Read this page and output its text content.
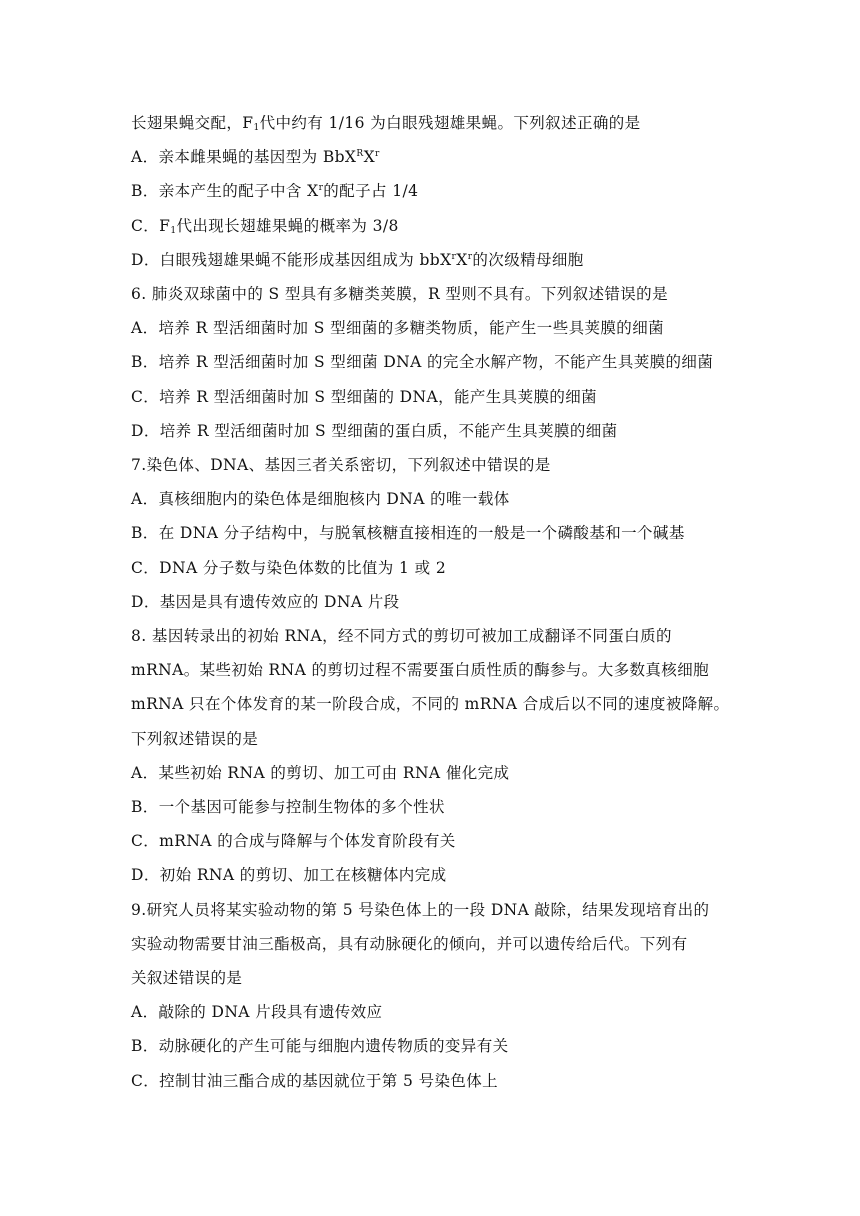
长翅果蝇交配，$F_1$代中约有 1/16 为白眼残翅雄果蝇。下列叙述正确的是
A．亲本雌果蝇的基因型为 $BbX^RX^r$
B．亲本产生的配子中含 $X^r$的配子占 1/4
C．$F_1$代出现长翅雄果蝇的概率为 3/8
D．白眼残翅雄果蝇不能形成基因组成为 $bbX^rX^r$的次级精母细胞
6. 肺炎双球菌中的 S 型具有多糖类荚膜，R 型则不具有。下列叙述错误的是
A．培养 R 型活细菌时加 S 型细菌的多糖类物质，能产生一些具荚膜的细菌
B．培养 R 型活细菌时加 S 型细菌 DNA 的完全水解产物，不能产生具荚膜的细菌
C．培养 R 型活细菌时加 S 型细菌的 DNA，能产生具荚膜的细菌
D．培养 R 型活细菌时加 S 型细菌的蛋白质，不能产生具荚膜的细菌
7.染色体、DNA、基因三者关系密切，下列叙述中错误的是
A．真核细胞内的染色体是细胞核内 DNA 的唯一载体
B．在 DNA 分子结构中，与脱氧核糖直接相连的一般是一个磷酸基和一个碱基
C．DNA 分子数与染色体数的比值为 1 或 2
D．基因是具有遗传效应的 DNA 片段
8. 基因转录出的初始 RNA，经不同方式的剪切可被加工成翻译不同蛋白质的
mRNA。某些初始 RNA 的剪切过程不需要蛋白质性质的酶参与。大多数真核细胞
mRNA 只在个体发育的某一阶段合成，不同的 mRNA 合成后以不同的速度被降解。
下列叙述错误的是
A．某些初始 RNA 的剪切、加工可由 RNA 催化完成
B．一个基因可能参与控制生物体的多个性状
C．mRNA 的合成与降解与个体发育阶段有关
D．初始 RNA 的剪切、加工在核糖体内完成
9.研究人员将某实验动物的第 5 号染色体上的一段 DNA 敲除，结果发现培育出的
实验动物需要甘油三酯极高，具有动脉硬化的倾向，并可以遗传给后代。下列有
关叙述错误的是
A．敲除的 DNA 片段具有遗传效应
B．动脉硬化的产生可能与细胞内遗传物质的变异有关
C．控制甘油三酯合成的基因就位于第 5 号染色体上
